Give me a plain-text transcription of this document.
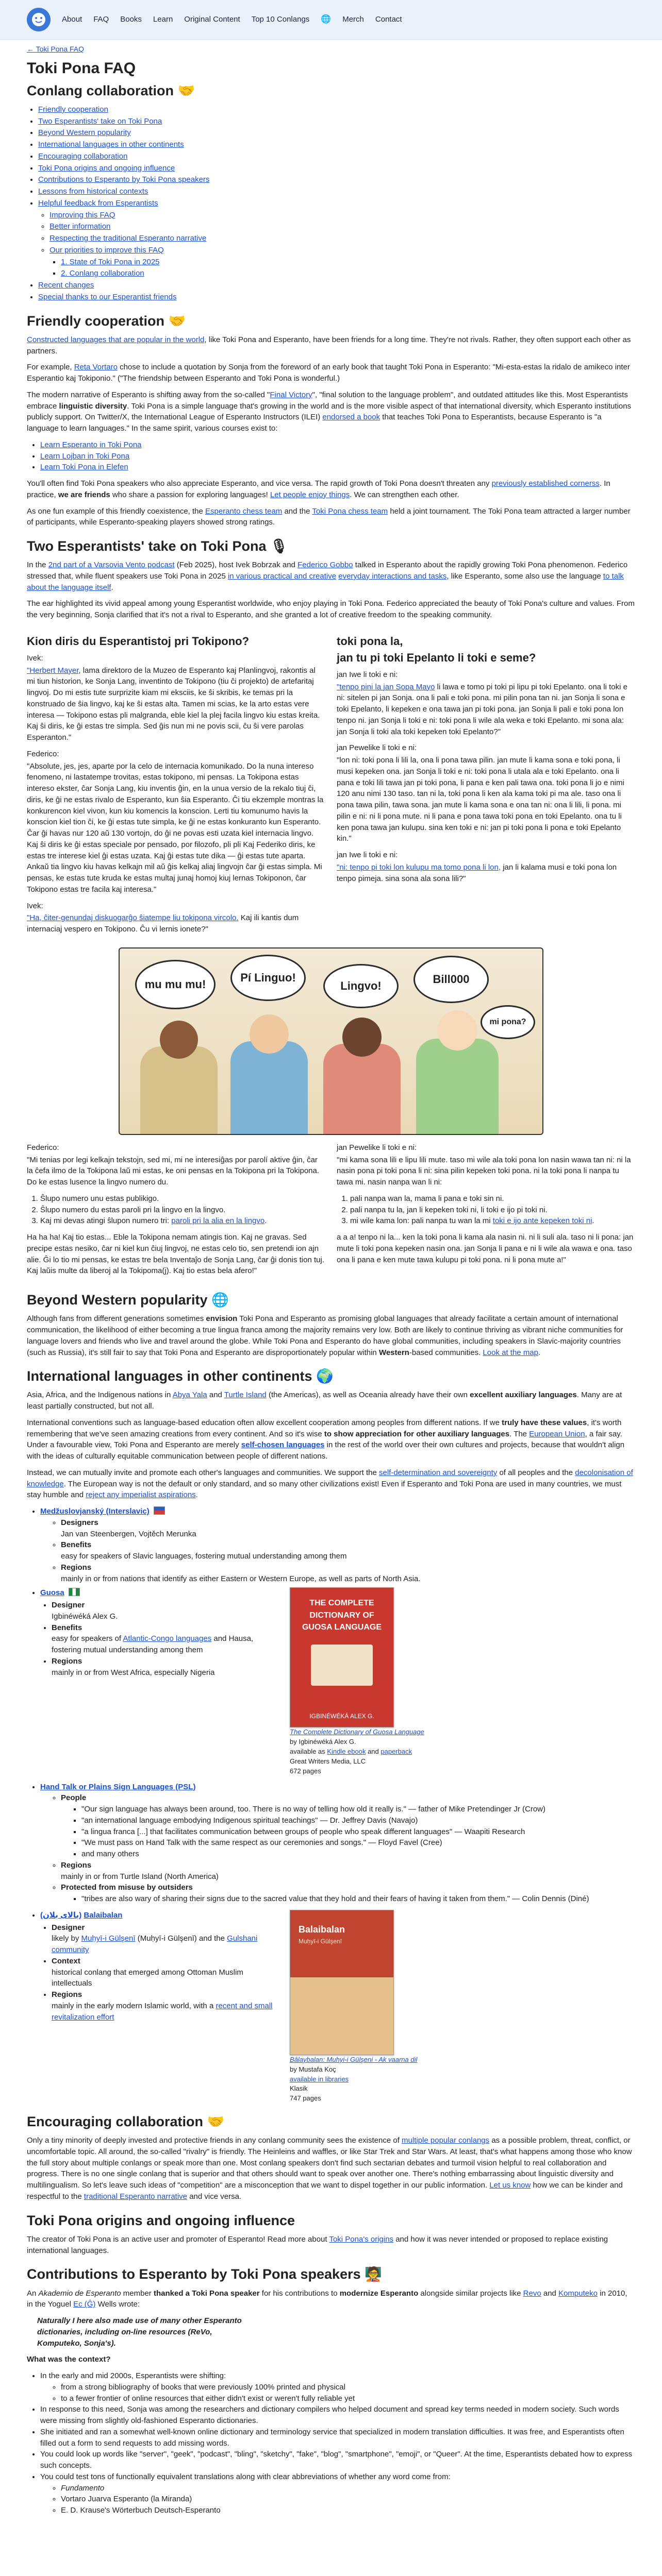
About FAQ Books Learn Original Content Top 10 Conlangs 🌐 Merch Contact
← Toki Pona FAQ
Toki Pona FAQ
Conlang collaboration 🤝
• Friendly cooperation
• Two Esperantists' take on Toki Pona
• Beyond Western popularity
• International languages in other continents
• Encouraging collaboration
• Toki Pona origins and ongoing influence
• Contributions to Esperanto by Toki Pona speakers
• Lessons from historical contexts
• Helpful feedback from Esperantists
◦ Improving this FAQ
◦ Better information
◦ Respecting the traditional Esperanto narrative
◦ Our priorities to improve this FAQ
▪ 1. State of Toki Pona in 2025
▪ 2. Conlang collaboration
• Recent changes
• Special thanks to our Esperantist friends
Friendly cooperation 🤝

Constructed languages that are popular in the world, like Toki Pona and Esperanto, have been friends for a long time. They're not rivals. Rather, they often support each other as partners.

For example, Reta Vortaro chose to include a quotation by Sonja from the foreword of an early book that taught Toki Pona in Esperanto: "Mi-esta-estas la ridalo de amikeco inter Esperantio kaj Tokiponio." ("The friendship between Esperanto and Toki Pona is wonderful.)

The modern narrative of Esperanto is shifting away from the so-called "Final Victory", "final solution to the language problem", and outdated attitudes like this. Most Esperantists embrace linguistic diversity. Toki Pona is a simple language that's growing in the world and is the more visible aspect of that international diversity, which Esperanto institutions publicly support. On Twitter/X, the International League of Esperanto Instructors (ILEI) endorsed a book that teaches Toki Pona to Esperantists, because Esperanto is "a language to learn languages." In the same spirit, various courses exist to:

• Learn Esperanto in Toki Pona
• Learn Lojban in Toki Pona
• Learn Toki Pona in Elefen

You'll often find Toki Pona speakers who also appreciate Esperanto, and vice versa. The rapid growth of Toki Pona doesn't threaten any previously established cornerss. In practice, we are friends who share a passion for exploring languages! Let people enjoy things. We can strengthen each other.

As one fun example of this friendly coexistence, the Esperanto chess team and the Toki Pona chess team held a joint tournament. The Toki Pona team attracted a larger number of participants, while Esperanto-speaking players showed strong ratings.

Two Esperantists' take on Toki Pona 🎙

In the 2nd part of a Varsovia Vento podcast (Feb 2025), host Ivek Bobrzak and Federico Gobbo talked in Esperanto about the rapidly growing Toki Pona phenomenon. Federico stressed that, while fluent speakers use Toki Pona in 2025 in various practical and creative everyday interactions and tasks, like Esperanto, some also use the language to talk about the language itself.

The ear highlighted its vivid appeal among young Esperantist worldwide, who enjoy playing in Toki Pona. Federico appreciated the beauty of Toki Pona's culture and values. From the very beginning, Sonja clarified that it's not a rival to Esperanto, and she granted a lot of creative freedom to the speaking community.

Kion diris du Esperantistoj pri Tokipono?
Ivek:

"Herbert Mayer, lama direktoro de la Muzeo de Esperanto kaj Planlingvoj, rakontis al mi tiun historion, ke Sonja Lang, inventinto de Tokipono (tiu ĉi projekto) de artefaritaj lingvoj. Do mi estis tute surprizite kiam mi eksciis, ke ŝi skribis, ke temas pri la konstruado de ŝia lingvo, kaj ke ŝi estas alta. Tamen mi scias, ke la arto estas vere interesa — Tokipono estas pli malgranda, eble kiel la plej facila lingvo kiu estas kreita. Kaj ŝi diris, ke ĝi estas tre simpla. Sed ĝis nun mi ne povis scii, ĉu ŝi vere parolas Esperanton."

Federico:

"Absolute, jes, jes, aparte por la celo de internacia komunikado. Do la nuna intereso fenomeno, ni lastatempe trovitas, estas tokipono, mi pensas. La Tokipona estas intereso ekster, ĉar Sonja Lang, kiu inventis ĝin, en la unua versio de la rekalo tiuj ĉi, diris, ke ĝi ne estas rivalo de Esperanto, kun ŝia Esperanto. Ĉi tiu ekzemple montras la konkurencon kiel vivon, kun kiu komencis la konscion. Lerti tiu komunumo havis la konscion kiel tion ĉi, ke ĝi estas tute simpla, ke ĝi ne estas konkuranto kun Esperanto. Ĉar ĝi havas nur 120 aŭ 130 vortojn, do ĝi ne povas esti uzata kiel internacia lingvo. Kaj ŝi diris ke ĝi estas speciale por pensado, por filozofo, pli pli Kaj Federiko diris, ke estas tre interese kiel ĝi estas uzata. Kaj ĝi estas tute dika — ĝi estas tute aparta. Ankaŭ tia lingvo kiu havas kelkajn mil aŭ ĝis kelkaj aliaj lingvojn ĉar ĝi estas simpla. Mi pensas, ke estas tute kruda ke estas multaj junaj homoj kiuj lernas Tokiponon, ĉar Tokipono estas tre facila kaj interesa."

Ivek:

"Ha, ĉiter-genundaj diskuogarĝo ŝiatempe liu tokipona vircolo. Kaj ili kantis dum internaciaj vespero en Tokipono. Ĉu vi lernis ionete?"

toki pona la,
jan tu pi toki Epelanto li toki e seme?
jan Iwe li toki e ni:

"tenpo pini la jan Sopa Mayo li lawa e tomo pi toki pi lipu pi toki Epelanto. ona li toki e ni: sitelen pi jan Sonja. ona li pali e toki pona. mi pilin pona tan ni. jan Sonja li sona e toki Epelanto, li kepeken e ona tawa jan pi toki pona. jan Sonja li pali e toki pona lon tenpo ni. jan Sonja li toki e ni: toki pona li wile ala weka e toki Epelanto. mi sona ala: jan Sonja li toki ala toki kepeken toki Epelanto?"

jan Pewelike li toki e ni:

"lon ni: toki pona li lili la, ona li pona tawa pilin. jan mute li kama sona e toki pona, li musi kepeken ona. jan Sonja li toki e ni: toki pona li utala ala e toki Epelanto. ona li pana e toki lili tawa jan pi toki pona, li pana e ken pali tawa ona. toki pona li jo e nimi 120 anu nimi 130 taso. tan ni la, toki pona li ken ala kama toki pi ma ale. taso ona li pona tawa pilin, tawa sona. jan mute li kama sona e ona tan ni: ona li lili, li pona. mi pilin e ni: ni li pona mute. ni li pana e pona tawa toki pona en toki Epelanto. ona tu li ken pona tawa jan kulupu. sina ken toki e ni: jan pi toki pona li pona e toki Epelanto kin."

jan Iwe li toki e ni:

"ni: tenpo pi toki lon kulupu ma tomo pona li lon, jan li kalama musi e toki pona lon tenpo pimeja. sina sona ala sona lili?"

mu mu mu!
Pí Linguo!
Lingvo!
Bill000
mi pona?
Federico:

"Mi tenias por legi kelkajn tekstojn, sed mi, mi ne interesiĝas por parolí aktive ĝin, ĉar la ĉefa ilmo de la Tokipona laŭ mi estas, ke oni pensas en la Tokipona pri la Tokipona. Do ke estas lusence la lingvo numero du.

1. Ŝlupo numero unu estas publikigo.
2. Ŝlupo numero du estas paroli pri la lingvo en la lingvo.
3. Kaj mi devas atingi ŝlupon numero tri: paroli pri la alia en la lingvo.

Ha ha ha! Kaj tio estas... Eble la Tokipona nemam atingis tion. Kaj ne gravas. Sed precipe estas nesiko, ĉar ni kiel kun ĉiuj lingvoj, ne estas celo tio, sen pretendi ion ajn alie. Ĝi lo tio mi pensas, ke estas tre bela Inventaĵo de Sonja Lang, ĉar ĝi donis tion tuj. Kaj laŭis multe da liberoj al la Tokipoma(j). Kaj tio estas bela afero!"

jan Pewelike li toki e ni:

"mi kama sona lili e lipu lili mute. taso mi wile ala toki pona lon nasin wawa tan ni: ni la nasin pona pi toki pona li ni: sina pilin kepeken toki pona. ni la toki pona li nanpa tu tawa mi. nasin nanpa wan li ni:

1. pali nanpa wan la, mama li pana e toki sin ni.
2. pali nanpa tu la, jan li kepeken toki ni, li toki e ijo pi toki ni.
3. mi wile kama lon: pali nanpa tu wan la mi toki e ijo ante kepeken toki ni.

a a a! tenpo ni la... ken la toki pona li kama ala nasin ni. ni li suli ala. taso ni li pona: jan mute li toki pona kepeken nasin ona. jan Sonja li pana e ni li wile ala wawa e ona. taso ona li pana e ken mute tawa kulupu pi toki pona. ni li pona mute a!"

Beyond Western popularity 🌐

Although fans from different generations sometimes envision Toki Pona and Esperanto as promising global languages that already facilitate a certain amount of international communication, the likelihood of either becoming a true lingua franca among the majority remains very low. Both are likely to continue thriving as vibrant niche communities for language lovers and friends who live and travel around the globe. While Toki Pona and Esperanto do have global communities, including speakers in Slavic-majority countries (such as Russia), it's still fair to say that Toki Pona and Esperanto are disproportionately popular within Western-based communities. Look at the map.

International languages in other continents 🌍

Asia, Africa, and the Indigenous nations in Abya Yala and Turtle Island (the Americas), as well as Oceania already have their own excellent auxiliary languages. Many are at least partially constructed, but not all.

International conventions such as language-based education often allow excellent cooperation among peoples from different nations. If we truly have these values, it's worth remembering that we've seen amazing creations from every continent. And so it's wise to show appreciation for other auxiliary languages. The European Union, a fair say. Under a favourable view, Toki Pona and Esperanto are merely self-chosen languages in the rest of the world over their own cultures and projects, because that wouldn't align with the ideas of culturally equitable communication between people of different nations.

Instead, we can mutually invite and promote each other's languages and communities. We support the self-determination and sovereignty of all peoples and the decolonisation of knowledge. The European way is not the default or only standard, and so many other civilizations exist! Even if Esperanto and Toki Pona are used in many countries, we must stay humble and reject any imperialist aspirations.

• Medžuslovjanský (Interslavic)
◦ Designers
Jan van Steenbergen, Vojtěch Merunka
◦ Benefits
easy for speakers of Slavic languages, fostering mutual understanding among them
◦ Regions
mainly in or from nations that identify as either Eastern or Western Europe, as well as parts of North Asia.
• Guosa
• Designer
Igbinéwéká Alex G.
• Benefits
easy for speakers of Atlantic-Congo languages and Hausa, fostering mutual understanding among them
• Regions
mainly in or from West Africa, especially Nigeria
THE COMPLETE DICTIONARY OF GUOSA LANGUAGE
IGBINÉWÉKÁ ALEX G.
The Complete Dictionary of Guosa Language
by Igbinéwéká Alex G.
available as Kindle ebook and paperback
Great Writers Media, LLC
672 pages
• Hand Talk or Plains Sign Languages (PSL)
◦ People
▪ "Our sign language has always been around, too. There is no way of telling how old it really is." — father of Mike Pretendinger Jr (Crow)
▪ "an international language embodying Indigenous spiritual teachings" — Dr. Jeffrey Davis (Navajo)
▪ "a lingua franca [...] that facilitates communication between groups of people who speak different languages" — Waapiti Research
▪ "We must pass on Hand Talk with the same respect as our ceremonies and songs." — Floyd Favel (Cree)
▪ and many others
◦ Regions
mainly in or from Turtle Island (North America)
◦ Protected from misuse by outsiders
▪ "tribes are also wary of sharing their signs due to the sacred value that they hold and their fears of having it taken from them." — Colin Dennis (Diné)
• (بالای بلان) Balaibalan
• Designer
likely by Muḥyī-i Gülşenī (Muḥyī-i Gülşenī) and the Gulshani community
• Context
historical conlang that emerged among Ottoman Muslim intellectuals
• Regions
mainly in the early modern Islamic world, with a recent and small revitalization effort
Balaibalan
Muḥyī-i Gülşenī
Bâlaybalan: Muhyi-i Gülşeni - Ak vaarna dil
by Mustafa Koç
available in libraries
Klasik
747 pages
Encouraging collaboration 🤝

Only a tiny minority of deeply invested and protective friends in any conlang community sees the existence of multiple popular conlangs as a possible problem, threat, conflict, or uncomfortable topic. All around, the so-called "rivalry" is friendly. The Heinleins and waffles, or like Star Trek and Star Wars. At least, that's what happens among those who know the full story about multiple conlangs or speak more than one. Most conlang speakers don't find such sectarian debates and turmoil vision helpful to real collaboration and progress. There is no one single conlang that is superior and that others should want to speak over another one. There's nothing embarrassing about linguistic diversity and multilingualism. So let's leave such ideas of "competition" are a misconception that we want to dispel together in our public information. Let us know how we can be kinder and respectful to the traditional Esperanto narrative and vice versa.

Toki Pona origins and ongoing influence

The creator of Toki Pona is an active user and promoter of Esperanto! Read more about Toki Pona's origins and how it was never intended or proposed to replace existing international languages.

Contributions to Esperanto by Toki Pona speakers 🧑‍🏫

An Akademio de Esperanto member thanked a Toki Pona speaker for his contributions to modernize Esperanto alongside similar projects like Revo and Komputeko in 2010, in the Yoguel Ec (Ĝ) Wells wrote:

Naturally I here also made use of many other Esperanto dictionaries, including on-line resources (ReVo, Komputeko, Sonja's).

What was the context?

• In the early and mid 2000s, Esperantists were shifting:
◦ from a strong bibliography of books that were previously 100% printed and physical
◦ to a fewer frontier of online resources that either didn't exist or weren't fully reliable yet
• In response to this need, Sonja was among the researchers and dictionary compilers who helped document and spread key terms needed in modern society. Such words were missing from slightly old-fashioned Esperanto dictionaries.
• She initiated and ran a somewhat well-known online dictionary and terminology service that specialized in modern translation difficulties. It was free, and Esperantists often filled out a form to send requests to add missing words.
• You could look up words like "server", "geek", "podcast", "bling", "sketchy", "fake", "blog", "smartphone", "emoji", or "Queer". At the time, Esperantists debated how to express such concepts.
• You could test tons of functionally equivalent translations along with clear abbreviations of whether any word come from:
◦ Fundamento
◦ Vortaro Juarva Esperanto (la Miranda)
◦ E. D. Krause's Wörterbuch Deutsch-Esperanto
